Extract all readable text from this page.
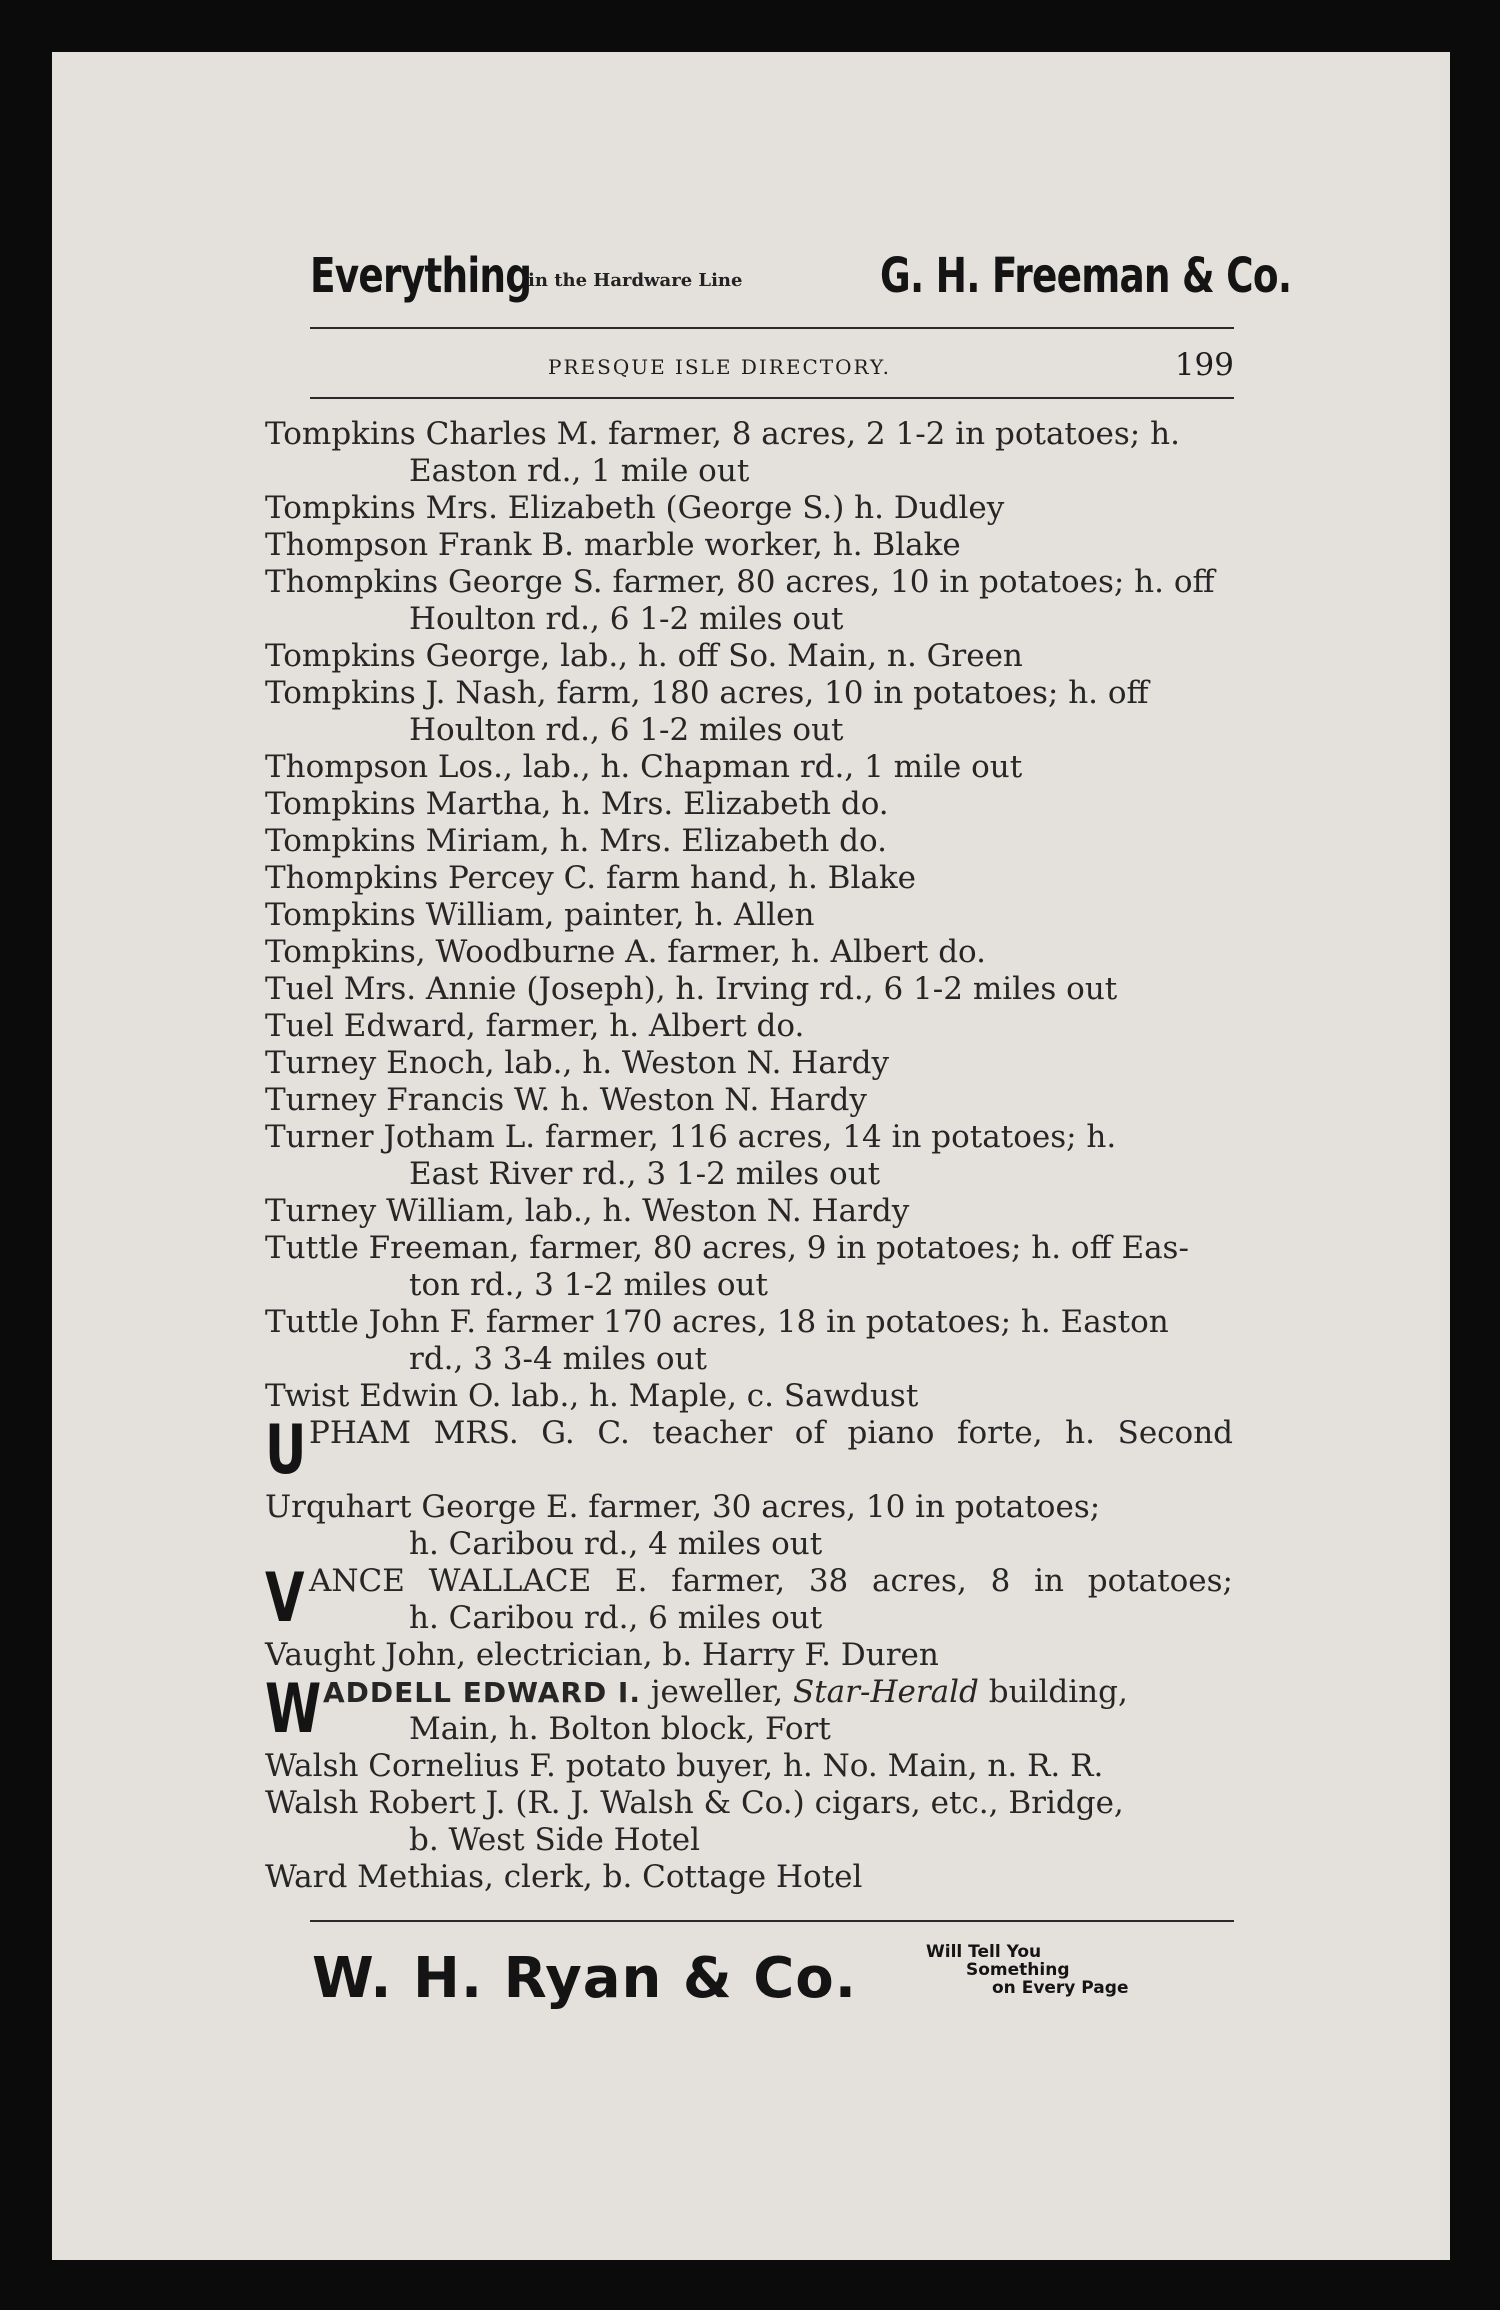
Everything
in the Hardware Line	G. H. Freeman & Co.
PRESQUE ISLE DIRECTORY.	199
Tompkins Charles M. farmer, 8 acres, 2 1-2 in potatoes; h.
Easton rd., 1 mile out
Tompkins Mrs. Elizabeth (George S.) h. Dudley
Thompson Frank B. marble worker, h. Blake
Thompkins George S. farmer, 80 acres, 10 in potatoes; h. off
Houlton rd., 6 1-2 miles out
Tompkins George, lab., h. off So. Main, n. Green
Tompkins J. Nash, farm, 180 acres, 10 in potatoes; h. off
Houlton rd., 6 1-2 miles out
Thompson Los., lab., h. Chapman rd., 1 mile out
Tompkins Martha, h. Mrs. Elizabeth do.
Tompkins Miriam, h. Mrs. Elizabeth do.
Thompkins Percey C. farm hand, h. Blake
Tompkins William, painter, h. Allen
Tompkins, Woodburne A. farmer, h. Albert do.
Tuel Mrs. Annie (Joseph), h. Irving rd., 6 1-2 miles out
Tuel Edward, farmer, h. Albert do.
Turney Enoch, lab., h. Weston N. Hardy
Turney Francis W. h. Weston N. Hardy
Turner Jotham L. farmer, 116 acres, 14 in potatoes; h.
East River rd., 3 1-2 miles out
Turney William, lab., h. Weston N. Hardy
Tuttle Freeman, farmer, 80 acres, 9 in potatoes; h. off Eas-
ton rd., 3 1-2 miles out
Tuttle John F. farmer 170 acres, 18 in potatoes; h. Easton
rd., 3 3-4 miles out
Twist Edwin O. lab., h. Maple, c. Sawdust
U PHAM MRS. G. C. teacher of piano forte, h. Second
Urquhart George E. farmer, 30 acres, 10 in potatoes;
h. Caribou rd., 4 miles out
V ANCE WALLACE E. farmer, 38 acres, 8 in potatoes;
h. Caribou rd., 6 miles out
Vaught John, electrician, b. Harry F. Duren
W ADDELL EDWARD I. jeweller, Star-Herald building,
Main, h. Bolton block, Fort
Walsh Cornelius F. potato buyer, h. No. Main, n. R. R.
Walsh Robert J. (R. J. Walsh & Co.) cigars, etc., Bridge,
b. West Side Hotel
Ward Methias, clerk, b. Cottage Hotel
W. H. Ryan & Co.	Will Tell You
Something
on Every Page
